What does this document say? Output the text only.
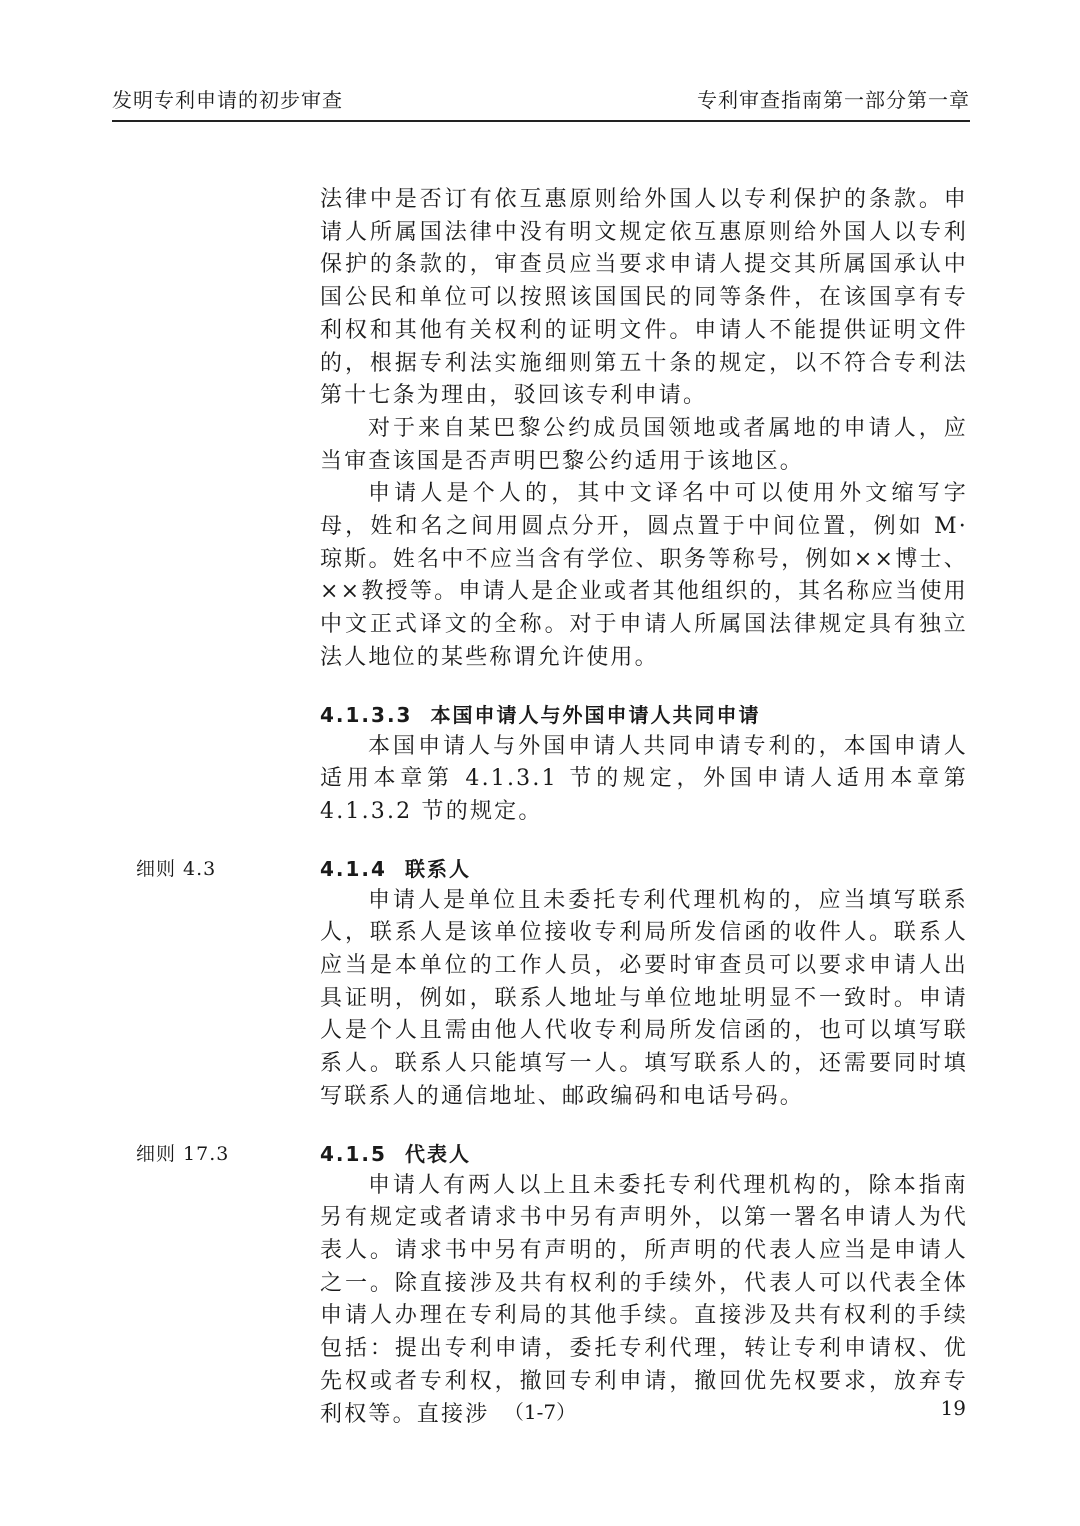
发明专利申请的初步审查	专利审查指南第一部分第一章

法律中是否订有依互惠原则给外国人以专利保护的条款。申请人所属国法律中没有明文规定依互惠原则给外国人以专利保护的条款的，审查员应当要求申请人提交其所属国承认中国公民和单位可以按照该国国民的同等条件，在该国享有专利权和其他有关权利的证明文件。申请人不能提供证明文件的，根据专利法实施细则第五十条的规定，以不符合专利法第十七条为理由，驳回该专利申请。

对于来自某巴黎公约成员国领地或者属地的申请人，应当审查该国是否声明巴黎公约适用于该地区。

申请人是个人的，其中文译名中可以使用外文缩写字母，姓和名之间用圆点分开，圆点置于中间位置，例如 M· 琼斯。姓名中不应当含有学位、职务等称号，例如××博士、××教授等。申请人是企业或者其他组织的，其名称应当使用中文正式译文的全称。对于申请人所属国法律规定具有独立法人地位的某些称谓允许使用。

4.1.3.3 本国申请人与外国申请人共同申请

本国申请人与外国申请人共同申请专利的，本国申请人适用本章第 4.1.3.1 节的规定，外国申请人适用本章第 4.1.3.2 节的规定。

细则 4.3	4.1.4 联系人

申请人是单位且未委托专利代理机构的，应当填写联系人，联系人是该单位接收专利局所发信函的收件人。联系人应当是本单位的工作人员，必要时审查员可以要求申请人出具证明，例如，联系人地址与单位地址明显不一致时。申请人是个人且需由他人代收专利局所发信函的，也可以填写联系人。联系人只能填写一人。填写联系人的，还需要同时填写联系人的通信地址、邮政编码和电话号码。

细则 17.3	4.1.5 代表人

申请人有两人以上且未委托专利代理机构的，除本指南另有规定或者请求书中另有声明外，以第一署名申请人为代表人。请求书中另有声明的，所声明的代表人应当是申请人之一。除直接涉及共有权利的手续外，代表人可以代表全体申请人办理在专利局的其他手续。直接涉及共有权利的手续包括：提出专利申请，委托专利代理，转让专利申请权、优先权或者专利权，撤回专利申请，撤回优先权要求，放弃专利权等。直接涉 （1-7）	19
